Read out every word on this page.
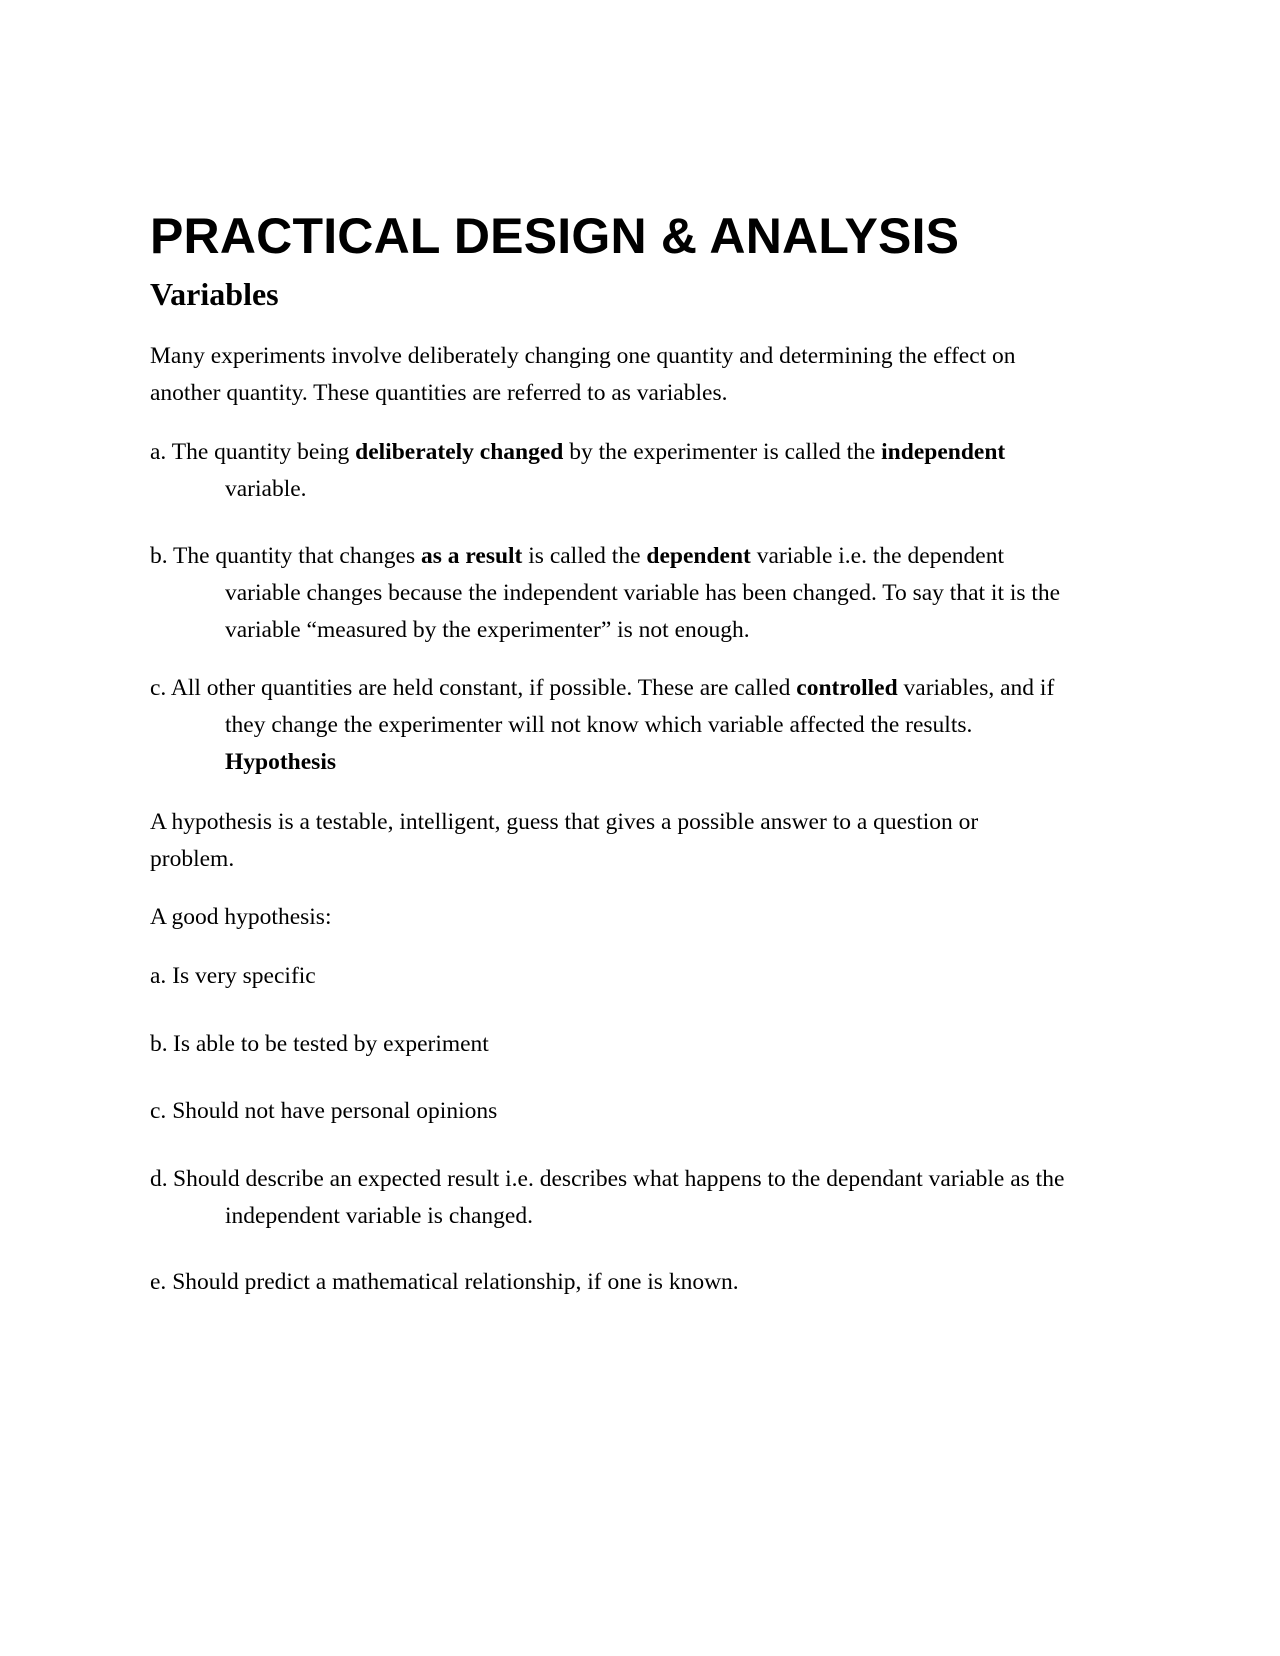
PRACTICAL DESIGN & ANALYSIS
Variables

Many experiments involve deliberately changing one quantity and determining the effect on
another quantity. These quantities are referred to as variables.

a. The quantity being deliberately changed by the experimenter is called the independent
variable.
b. The quantity that changes as a result is called the dependent variable i.e. the dependent
variable changes because the independent variable has been changed. To say that it is the
variable “measured by the experimenter” is not enough.
c. All other quantities are held constant, if possible. These are called controlled variables, and if
they change the experimenter will not know which variable affected the results.
Hypothesis

A hypothesis is a testable, intelligent, guess that gives a possible answer to a question or
problem.

A good hypothesis:

a. Is very specific
b. Is able to be tested by experiment
c. Should not have personal opinions
d. Should describe an expected result i.e. describes what happens to the dependant variable as the
independent variable is changed.
e. Should predict a mathematical relationship, if one is known.
